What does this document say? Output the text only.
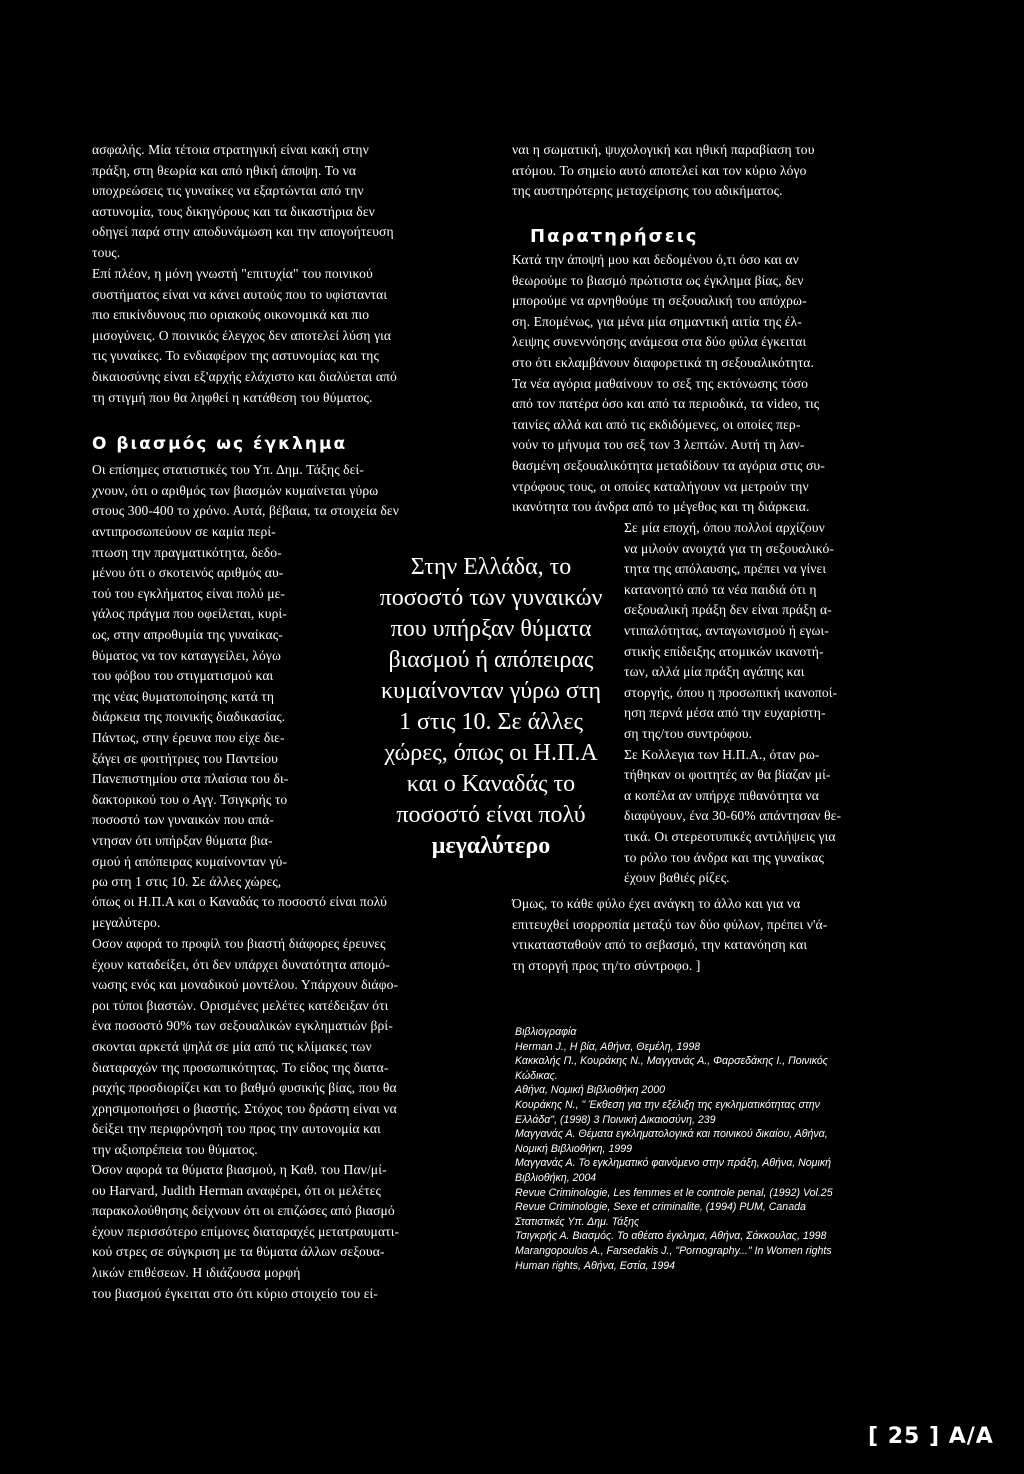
ασφαλής. Μία τέτοια στρατηγική είναι κακή στην
πράξη, στη θεωρία και από ηθική άποψη. Το να
υποχρεώσεις τις γυναίκες να εξαρτώνται από την
αστυνομία, τους δικηγόρους και τα δικαστήρια δεν
οδηγεί παρά στην αποδυνάμωση και την απογοήτευση
τους.
Επί πλέον, η μόνη γνωστή "επιτυχία" του ποινικού
συστήματος είναι να κάνει αυτούς που το υφίστανται
πιο επικίνδυνους πιο οριακούς οικονομικά και πιο
μισογύνεις. Ο ποινικός έλεγχος δεν αποτελεί λύση για
τις γυναίκες. Το ενδιαφέρον της αστυνομίας και της
δικαιοσύνης είναι εξ'αρχής ελάχιστο και διαλύεται από
τη στιγμή που θα ληφθεί η κατάθεση του θύματος.
Ο βιασμός ως έγκλημα
Οι επίσημες στατιστικές του Υπ. Δημ. Τάξης δεί-
χνουν, ότι ο αριθμός των βιασμών κυμαίνεται γύρω
στους 300-400 το χρόνο. Αυτά, βέβαια, τα στοιχεία δεν
αντιπροσωπεύουν σε καμία περί-
πτωση την πραγματικότητα, δεδο-
μένου ότι ο σκοτεινός αριθμός αυ-
τού του εγκλήματος είναι πολύ με-
γάλος πράγμα που οφείλεται, κυρί-
ως, στην απροθυμία της γυναίκας-
θύματος να τον καταγγείλει, λόγω
του φόβου του στιγματισμού και
της νέας θυματοποίησης κατά τη
διάρκεια της ποινικής διαδικασίας.
Πάντως, στην έρευνα που είχε διε-
ξάγει σε φοιτήτριες του Παντείου
Πανεπιστημίου στα πλαίσια του δι-
δακτορικού του ο Αγγ. Τσιγκρής το
ποσοστό των γυναικών που απά-
ντησαν ότι υπήρξαν θύματα βια-
σμού ή απόπειρας κυμαίνονταν γύ-
ρω στη 1 στις 10. Σε άλλες χώρες,
όπως οι Η.Π.Α και ο Καναδάς το ποσοστό είναι πολύ
μεγαλύτερο.
Οσον αφορά το προφίλ του βιαστή διάφορες έρευνες
έχουν καταδείξει, ότι δεν υπάρχει δυνατότητα απομό-
νωσης ενός και μοναδικού μοντέλου. Υπάρχουν διάφο-
ροι τύποι βιαστών. Ορισμένες μελέτες κατέδειξαν ότι
ένα ποσοστό 90% των σεξουαλικών εγκληματιών βρί-
σκονται αρκετά ψηλά σε μία από τις κλίμακες των
διαταραχών της προσωπικότητας. Το είδος της διατα-
ραχής προσδιορίζει και το βαθμό φυσικής βίας, που θα
χρησιμοποιήσει ο βιαστής. Στόχος του δράστη είναι να
δείξει την περιφρόνησή του προς την αυτονομία και
την αξιοπρέπεια του θύματος.
Όσον αφορά τα θύματα βιασμού, η Καθ. του Παν/μί-
ου Harvard, Judith Herman αναφέρει, ότι οι μελέτες
παρακολούθησης δείχνουν ότι οι επιζώσες από βιασμό
έχουν περισσότερο επίμονες διαταραχές μετατραυματι-
κού στρες σε σύγκριση με τα θύματα άλλων σεξουα-
λικών επιθέσεων. Η ιδιάζουσα μορφή
του βιασμού έγκειται στο ότι κύριο στοιχείο του εί-
Στην Ελλάδα, το
ποσοστό των γυναικών
που υπήρξαν θύματα
βιασμού ή απόπειρας
κυμαίνονταν γύρω στη
1 στις 10. Σε άλλες
χώρες, όπως οι Η.Π.Α
και ο Καναδάς το
ποσοστό είναι πολύ
μεγαλύτερο
ναι η σωματική, ψυχολογική και ηθική παραβίαση του
ατόμου. Το σημείο αυτό αποτελεί και τον κύριο λόγο
της αυστηρότερης μεταχείρισης του αδικήματος.
Παρατηρήσεις
Κατά την άποψή μου και δεδομένου ό,τι όσο και αν
θεωρούμε το βιασμό πρώτιστα ως έγκλημα βίας, δεν
μπορούμε να αρνηθούμε τη σεξουαλική του απόχρω-
ση. Επομένως, για μένα μία σημαντική αιτία της έλ-
λειψης συνεννόησης ανάμεσα στα δύο φύλα έγκειται
στο ότι εκλαμβάνουν διαφορετικά τη σεξουαλικότητα.
Τα νέα αγόρια μαθαίνουν το σεξ της εκτόνωσης τόσο
από τον πατέρα όσο και από τα περιοδικά, τα video, τις
ταινίες αλλά και από τις εκδιδόμενες, οι οποίες περ-
νούν το μήνυμα του σεξ των 3 λεπτών. Αυτή τη λαν-
θασμένη σεξουαλικότητα μεταδίδουν τα αγόρια στις συ-
ντρόφους τους, οι οποίες καταλήγουν να μετρούν την
ικανότητα του άνδρα από το μέγεθος και τη διάρκεια.
Σε μία εποχή, όπου πολλοί αρχίζουν
να μιλούν ανοιχτά για τη σεξουαλικό-
τητα της απόλαυσης, πρέπει να γίνει
κατανοητό από τα νέα παιδιά ότι η
σεξουαλική πράξη δεν είναι πράξη α-
ντιπαλότητας, ανταγωνισμού ή εγωι-
στικής επίδειξης ατομικών ικανοτή-
των, αλλά μία πράξη αγάπης και
στοργής, όπου η προσωπική ικανοποί-
ηση περνά μέσα από την ευχαρίστη-
ση της/του συντρόφου.
Σε Κολλεγια των Η.Π.Α., όταν ρω-
τήθηκαν οι φοιτητές αν θα βίαζαν μί-
α κοπέλα αν υπήρχε πιθανότητα να
διαφύγουν, ένα 30-60% απάντησαν θε-
τικά. Οι στερεοτυπικές αντιλήψεις για
το ρόλο του άνδρα και της γυναίκας
έχουν βαθιές ρίζες.
Όμως, το κάθε φύλο έχει ανάγκη το άλλο και για να
επιτευχθεί ισορροπία μεταξύ των δύο φύλων, πρέπει ν'ά-
ντικατασταθούν από το σεβασμό, την κατανόηση και
τη στοργή προς τη/το σύντροφο. ]
Βιβλιογραφία
Herman J., Η βία, Αθήνα, Θεμέλη, 1998
Κακκαλής Π., Κουράκης Ν., Μαγγανάς Α., Φαρσεδάκης Ι., Ποινικός
Κώδικας.
Αθήνα, Νομική Βιβλιοθήκη 2000
Κουράκης Ν., " Έκθεση για την εξέλιξη της εγκληματικότητας στην
Ελλάδα", (1998) 3 Ποινική Δικαιοσύνη, 239
Μαγγανάς Α. Θέματα εγκληματολογικά και ποινικού δικαίου, Αθήνα,
Νομική Βιβλιοθήκη, 1999
Μαγγανάς Α. Το εγκληματικό φαινόμενο στην πράξη, Αθήνα, Νομική
Βιβλιοθήκη, 2004
Revue Criminologie, Les femmes et le controle penal, (1992) Vol.25
Revue Criminologie, Sexe et criminalite, (1994) PUM, Canada
Στατιστικές Υπ. Δημ. Τάξης
Τσιγκρής Α. Βιασμός. Το αθέατο έγκλημα, Αθήνα, Σάκκουλας, 1998
Marangopoulos A., Farsedakis J., "Pornography..." In Women rights
Human rights, Αθήνα, Εστία, 1994
[ 25 ] Α/Α
